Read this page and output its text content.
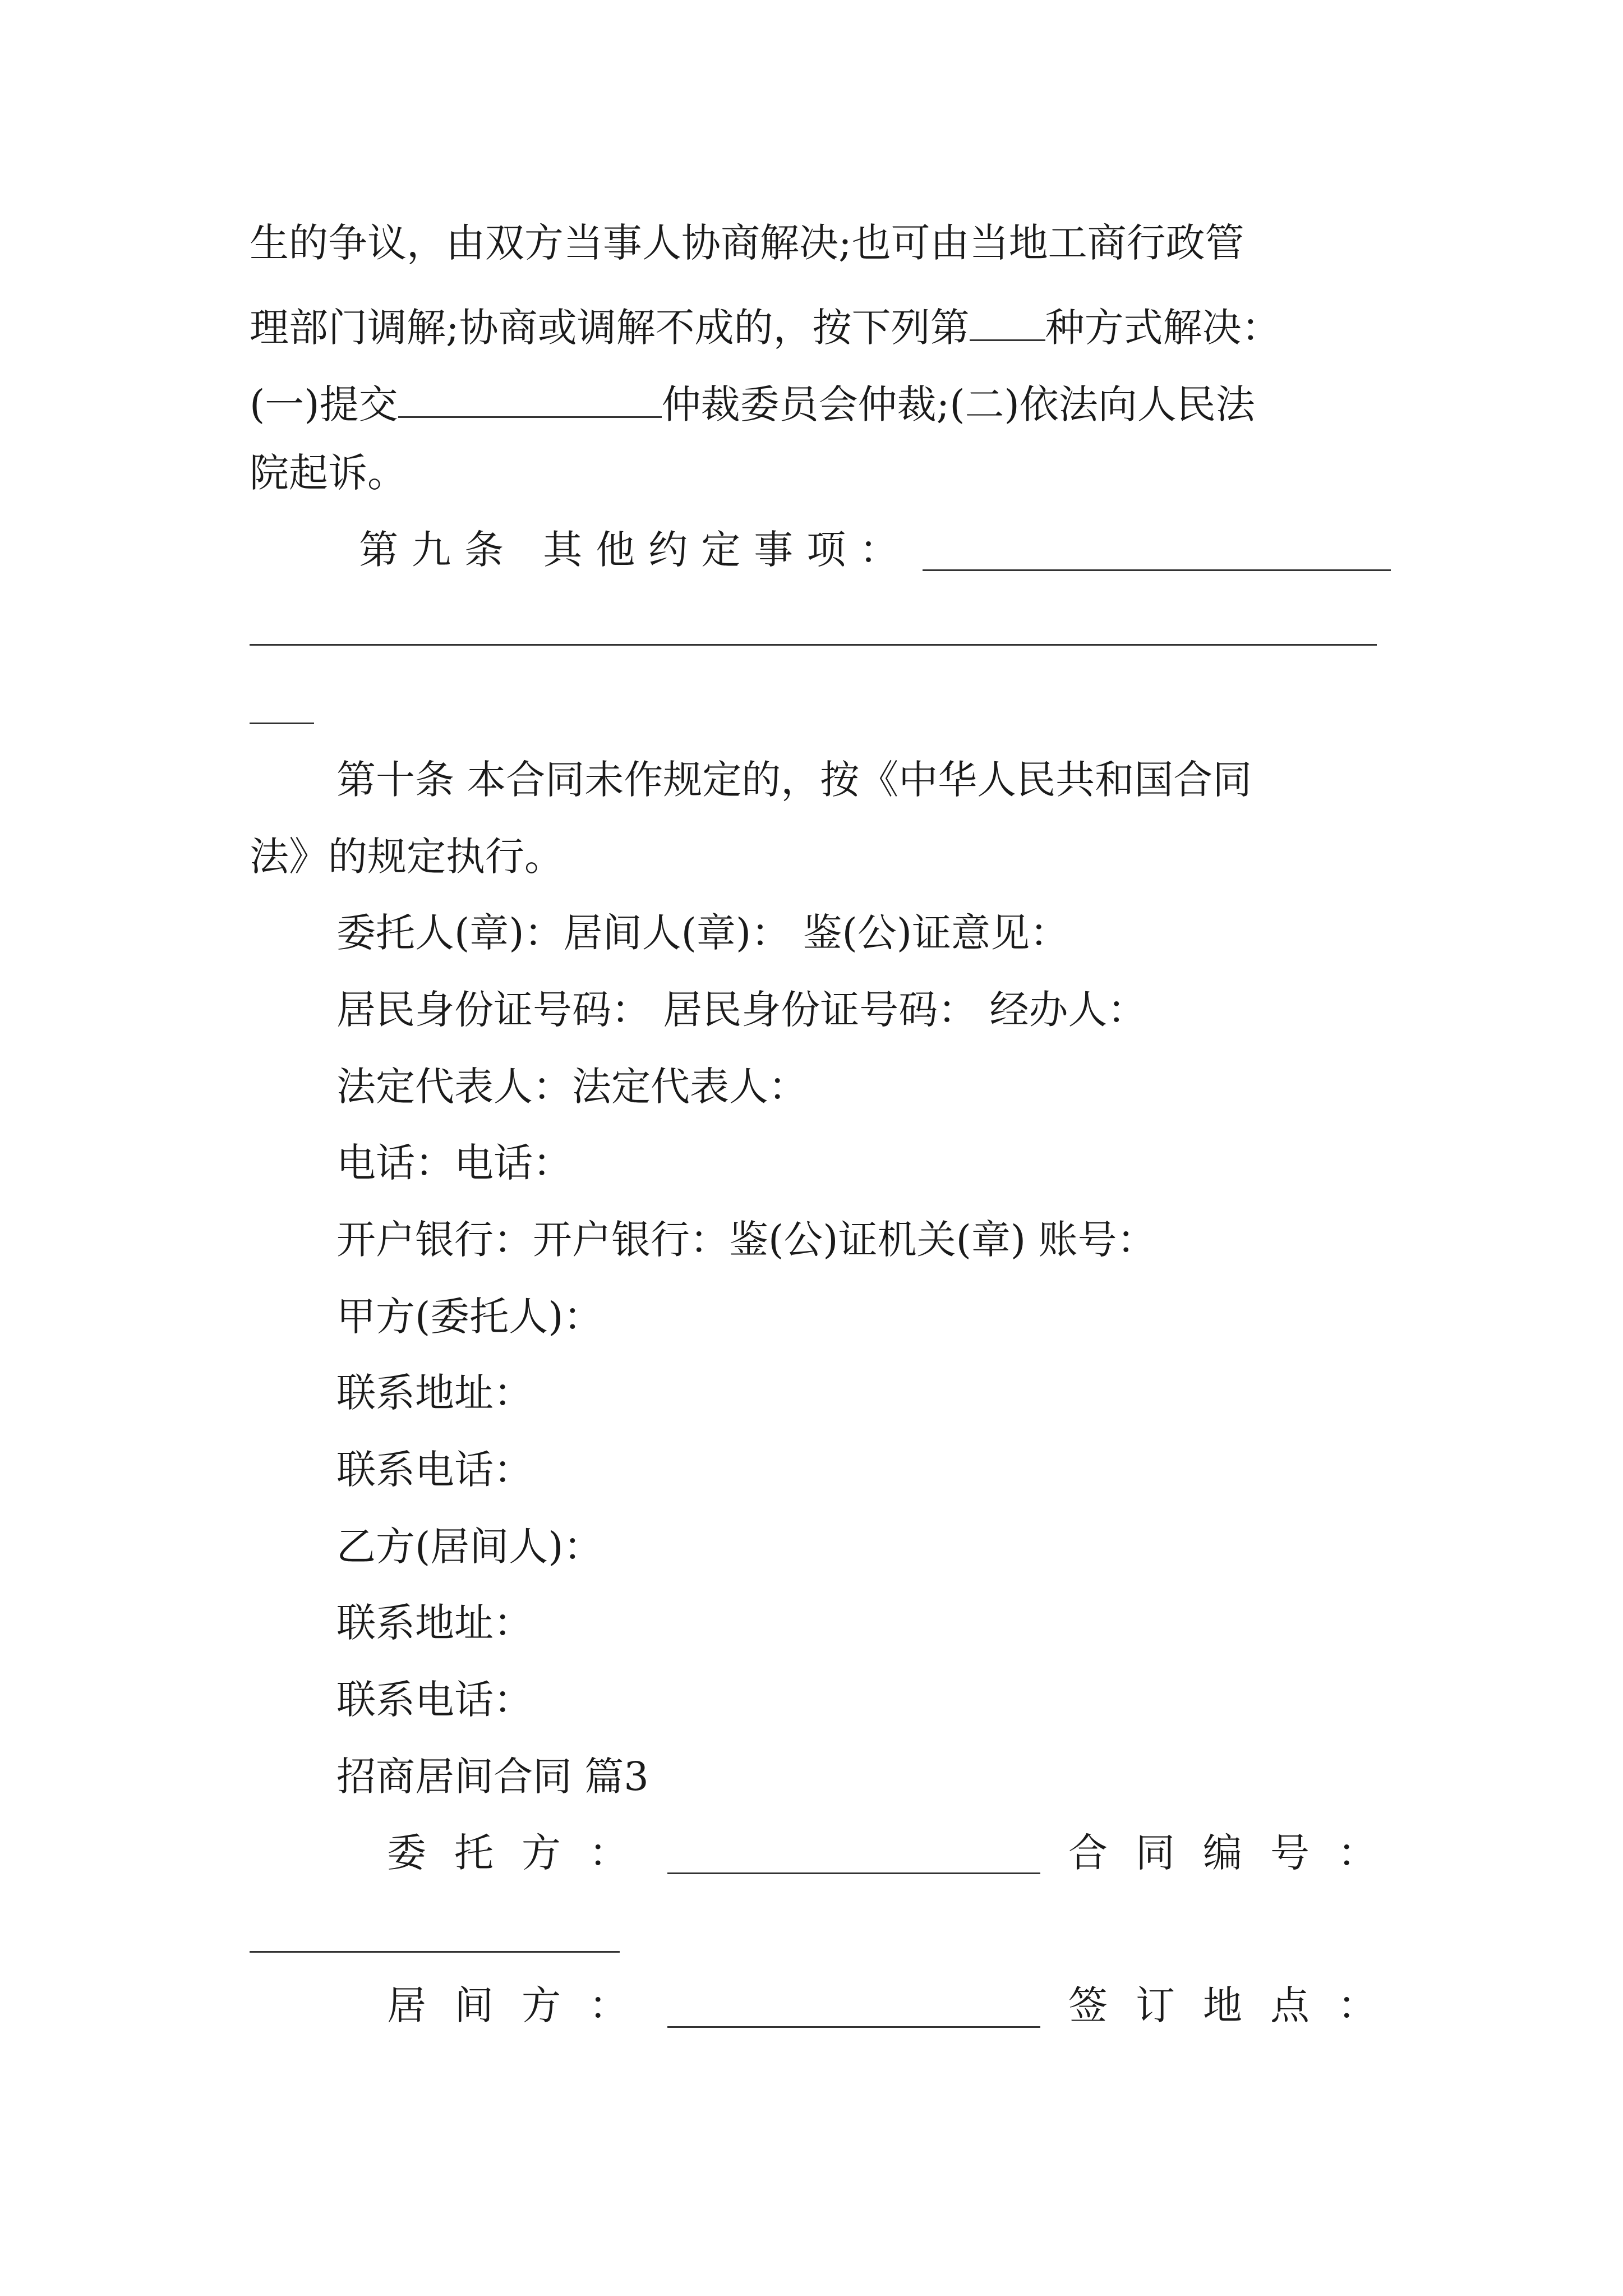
生的争议，由双方当事人协商解决;也可由当地工商行政管
理部门调解;协商或调解不成的，按下列第 种方式解决：
(一)提交	仲裁委员会仲裁;(二)依法向人民法
院起诉。
第九条 其他约定事项：
第十条 本合同未作规定的，按《中华人民共和国合同
法》的规定执行。
委托人(章)：居间人(章)： 鉴(公)证意见：
居民身份证号码： 居民身份证号码： 经办人：
法定代表人：法定代表人：
电话：电话：
开户银行：开户银行：鉴(公)证机关(章) 账号：
甲方(委托人)：
联系地址：
联系电话：
乙方(居间人)：
联系地址：
联系电话：
招商居间合同 篇3
委托方：	合同编号：
居间方：	签订地点：
